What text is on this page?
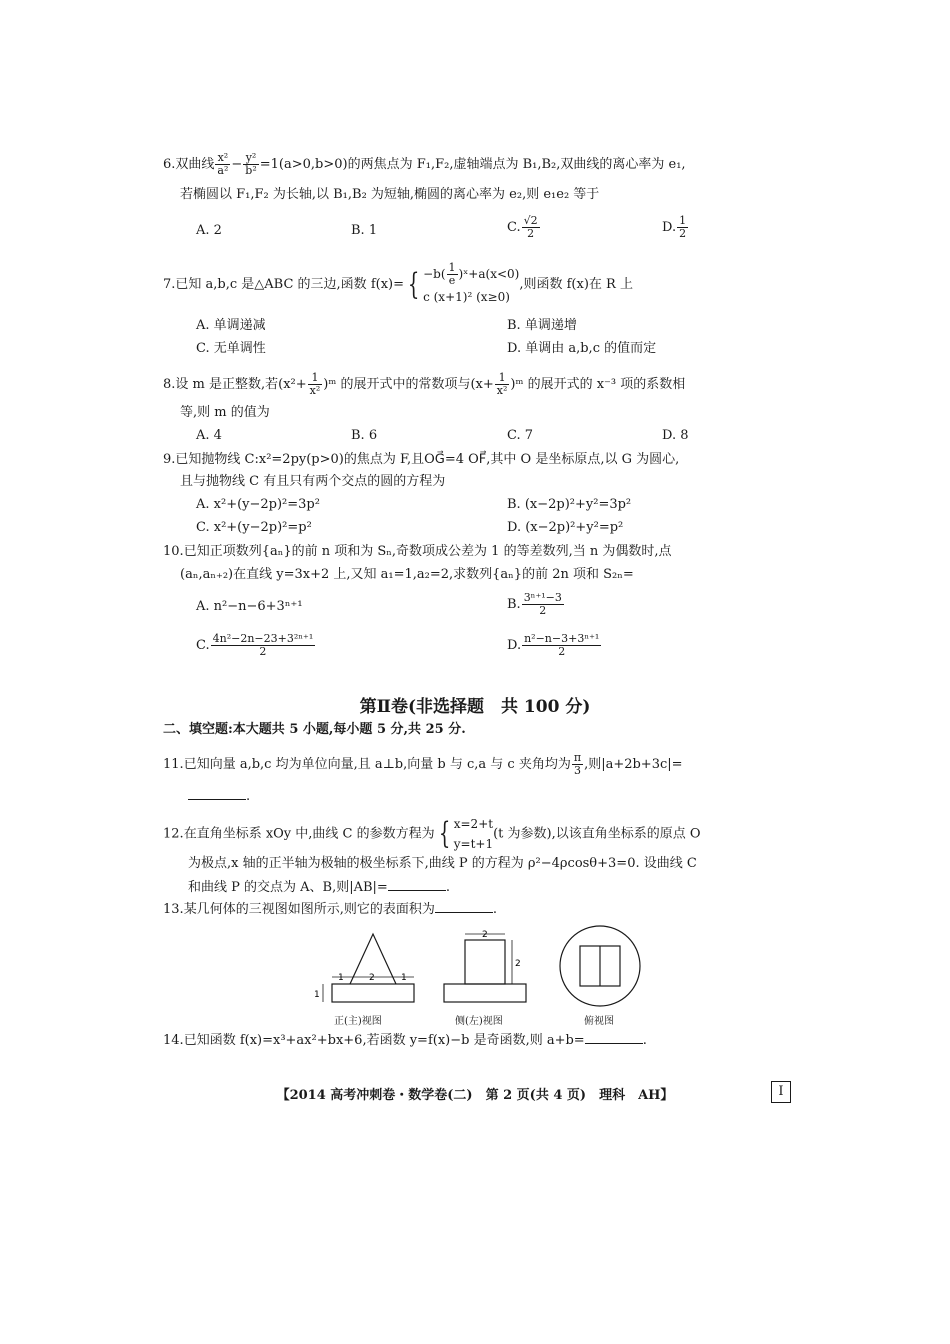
6.双曲线 $\frac{\text{x²}}{\text{a²}} - \frac{\text{y²}}{\text{b²}} =1(a>0,b>0)$的两焦点为 F₁,F₂,虚轴端点为 B₁,B₂,双曲线的离心率为 e₁,
若椭圆以 F₁,F₂ 为长轴,以 B₁,B₂ 为短轴,椭圆的离心率为 e₂,则 e₁e₂ 等于
A. 2	B. 1	C. $\frac{√2}{2}$	D. $\frac{1}{2}$
7.已知 a,b,c 是△ABC 的三边,函数 f(x)= { $-b( \frac{1}{e}$ )ˣ+a(x<0)
c (x+1)² (x≥0)
,则函数 f(x)在 R 上
A. 单调递减	B. 单调递增
C. 无单调性	D. 单调由 a,b,c 的值而定
8.设 m 是正整数,若($x^2+ \frac{1}{\text{x²}}$ )ᵐ 的展开式中的常数项与($x+ \frac{1}{\text{x²}}$ )ᵐ 的展开式的 x⁻³ 项的系数相
等,则 m 的值为
A. 4	B. 6	C. 7	D. 8
9.已知抛物线 C:x²=2py(p>0)的焦点为 F,且OG⃗=4 OF⃗,其中 O 是坐标原点,以 G 为圆心,
且与抛物线 C 有且只有两个交点的圆的方程为
A. x²+(y−2p)²=3p²	B. (x−2p)²+y²=3p²
C. x²+(y−2p)²=p²	D. (x−2p)²+y²=p²
10.已知正项数列{aₙ}的前 n 项和为 Sₙ,奇数项成公差为 1 的等差数列,当 n 为偶数时,点
(aₙ,aₙ₊₂)在直线 y=3x+2 上,又知 a₁=1,a₂=2,求数列{aₙ}的前 2n 项和 S₂ₙ=
A. n²−n−6+3ⁿ⁺¹	B. $\frac{\text{3ⁿ⁺¹−3}}{2}$
C. $\frac{\text{4n²−2n−23+3²ⁿ⁺¹}}{2}$	D. $\frac{\text{n²−n−3+3ⁿ⁺¹}}{2}$
第Ⅱ卷(非选择题　共 100 分)
二、填空题:本大题共 5 小题,每小题 5 分,共 25 分.
11.已知向量 a,b,c 均为单位向量,且 a⊥b,向量 b 与 c,a 与 c 夹角均为 $\frac{\pi}{3}$ ,则|a+2b+3c|=
.
12.在直角坐标系 xOy 中,曲线 C 的参数方程为 { x=2+t
y=t+1
(t 为参数),以该直角坐标系的原点 O
为极点,x 轴的正半轴为极轴的极坐标系下,曲线 P 的方程为 ρ²−4ρcosθ+3=0. 设曲线 C
和曲线 P 的交点为 A、B,则|AB|=	.
13.某几何体的三视图如图所示,则它的表面积为	.
1	2	1
1
2
2
正(主)视图	侧(左)视图	俯视图
14.已知函数 f(x)=x³+ax²+bx+6,若函数 y=f(x)−b 是奇函数,则 a+b=	.
【2014 高考冲刺卷・数学卷(二)　第 2 页(共 4 页)　理科　AH】	I
